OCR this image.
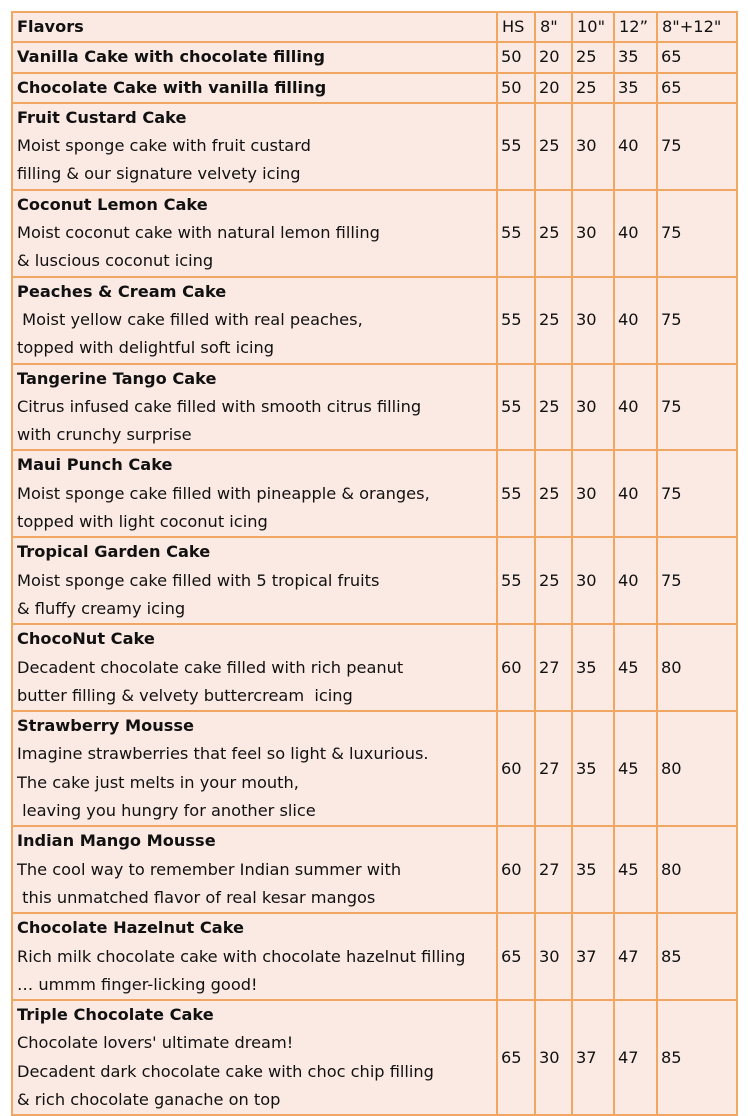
Flavors	HS	8"	10"	12”	8"+12"

Vanilla Cake with chocolate filling	50	20	25	35	65

Chocolate Cake with vanilla filling	50	20	25	35	65

Fruit Custard Cake
Moist sponge cake with fruit custard
filling & our signature velvety icing	55	25	30	40	75

Coconut Lemon Cake
Moist coconut cake with natural lemon filling
& luscious coconut icing	55	25	30	40	75

Peaches & Cream Cake
Moist yellow cake filled with real peaches,
topped with delightful soft icing	55	25	30	40	75

Tangerine Tango Cake
Citrus infused cake filled with smooth citrus filling
with crunchy surprise	55	25	30	40	75

Maui Punch Cake
Moist sponge cake filled with pineapple & oranges,
topped with light coconut icing	55	25	30	40	75

Tropical Garden Cake
Moist sponge cake filled with 5 tropical fruits
& fluffy creamy icing	55	25	30	40	75

ChocoNut Cake
Decadent chocolate cake filled with rich peanut
butter filling & velvety buttercream  icing	60	27	35	45	80

Strawberry Mousse
Imagine strawberries that feel so light & luxurious.
The cake just melts in your mouth,
leaving you hungry for another slice	60	27	35	45	80

Indian Mango Mousse
The cool way to remember Indian summer with
this unmatched flavor of real kesar mangos	60	27	35	45	80

Chocolate Hazelnut Cake
Rich milk chocolate cake with chocolate hazelnut filling
… ummm finger-licking good!	65	30	37	47	85

Triple Chocolate Cake
Chocolate lovers' ultimate dream!
Decadent dark chocolate cake with choc chip filling
& rich chocolate ganache on top	65	30	37	47	85
